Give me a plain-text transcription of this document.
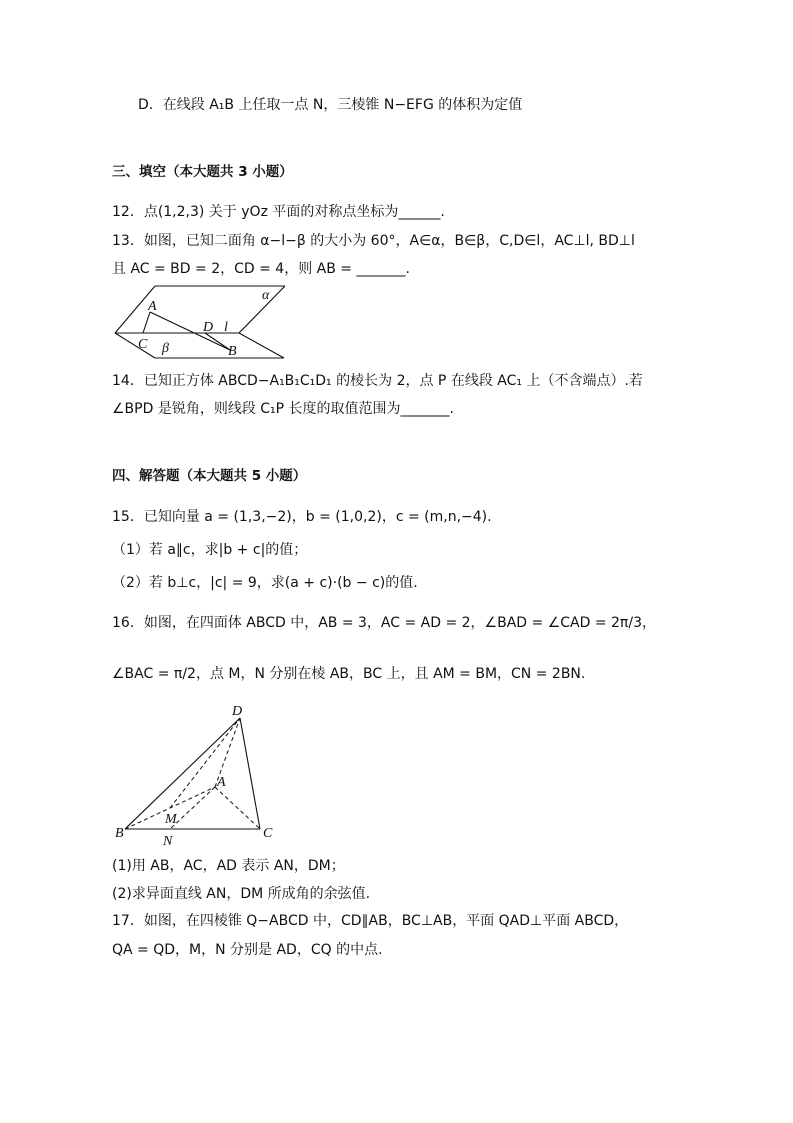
D．在线段 A₁B 上任取一点 N，三棱锥 N−EFG 的体积为定值
三、填空（本大题共 3 小题）
12．点(1,2,3) 关于 yOz 平面的对称点坐标为______.
13．如图，已知二面角 α−l−β 的大小为 60°，A∈α，B∈β，C,D∈l，AC⊥l, BD⊥l
且 AC = BD = 2，CD = 4，则 AB = _______.
α
A
C
D l
β	B
14．已知正方体 ABCD−A₁B₁C₁D₁ 的棱长为 2，点 P 在线段 AC₁ 上（不含端点）.若
∠BPD 是锐角，则线段 C₁P 长度的取值范围为_______.
四、解答题（本大题共 5 小题）
15．已知向量 a = (1,3,−2)，b = (1,0,2)，c = (m,n,−4).
（1）若 a∥c，求|b + c|的值；
（2）若 b⊥c，|c| = 9，求(a + c)·(b − c)的值.
16．如图，在四面体 ABCD 中，AB = 3，AC = AD = 2，∠BAD = ∠CAD = 2π/3，
∠BAC = π/2，点 M，N 分别在棱 AB，BC 上，且 AM = BM，CN = 2BN.
D
A
M
B
N
C
(1)用 AB，AC，AD 表示 AN，DM；
(2)求异面直线 AN，DM 所成角的余弦值.
17．如图，在四棱锥 Q−ABCD 中，CD∥AB，BC⊥AB，平面 QAD⊥平面 ABCD，
QA = QD，M，N 分别是 AD，CQ 的中点.
